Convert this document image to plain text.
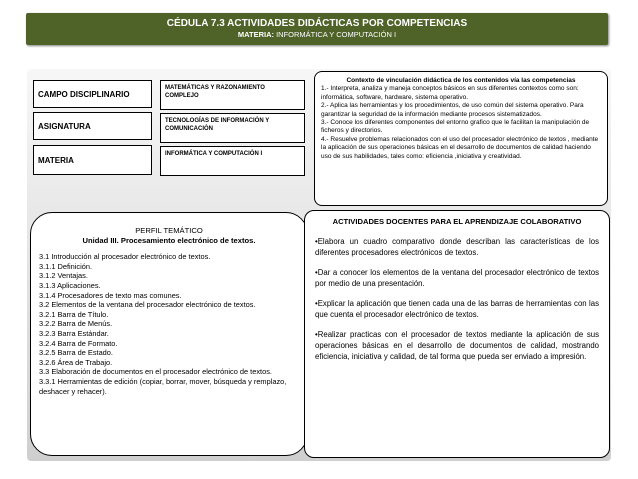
CÉDULA 7.3 ACTIVIDADES DIDÁCTICAS POR COMPETENCIAS
MATERIA: INFORMÁTICA Y COMPUTACIÓN I
CAMPO DISCIPLINARIO
MATEMÁTICAS Y RAZONAMIENTO COMPLEJO
ASIGNATURA
TECNOLOGÍAS DE INFORMACIÓN Y COMUNICACIÓN
MATERIA
INFORMÁTICA Y COMPUTACIÓN I
Contexto de vinculación didáctica de los contenidos vía las competencias
1.- Interpreta, analiza y maneja conceptos básicos en sus diferentes contextos como son: informática, software, hardware, sistema operativo.
2.- Aplica las herramientas y los procedimientos, de uso común del sistema operativo. Para garantizar la seguridad de la información mediante procesos sistematizados.
3.- Conoce los diferentes componentes del entorno grafico que le facilitan la manipulación de ficheros y directorios.
4.- Resuelve problemas relacionados con el uso del procesador electrónico de textos , mediante la aplicación de sus operaciones básicas en el desarrollo de documentos de calidad haciendo uso de sus habilidades, tales como: eficiencia ,iniciativa y creatividad.
PERFIL TEMÁTICO
Unidad III. Procesamiento electrónico de textos.
3.1 Introducción al procesador electrónico de textos.
3.1.1 Definición.
3.1.2 Ventajas.
3.1.3 Aplicaciones.
3.1.4 Procesadores de texto mas comunes.
3.2 Elementos de la ventana del procesador electrónico de textos.
3.2.1 Barra de Título.
3.2.2 Barra de Menús.
3.2.3 Barra Estándar.
3.2.4 Barra de Formato.
3.2.5 Barra de Estado.
3.2.6 Área de Trabajo.
3.3 Elaboración de documentos en el procesador electrónico de textos.
3.3.1 Herramientas de edición (copiar, borrar, mover, búsqueda y remplazo, deshacer y rehacer).
ACTIVIDADES DOCENTES PARA EL APRENDIZAJE COLABORATIVO

•Elabora un cuadro comparativo donde describan las características de los diferentes procesadores electrónicos de textos.

•Dar a conocer los elementos de la ventana del procesador electrónico de textos por medio de una presentación.

•Explicar la aplicación que tienen cada una de las barras de herramientas con las que cuenta el procesador electrónico de textos.

•Realizar practicas con el procesador de textos mediante la aplicación de sus operaciones básicas en el desarrollo de documentos de calidad, mostrando eficiencia, iniciativa y calidad, de tal forma que pueda ser enviado a impresión.
